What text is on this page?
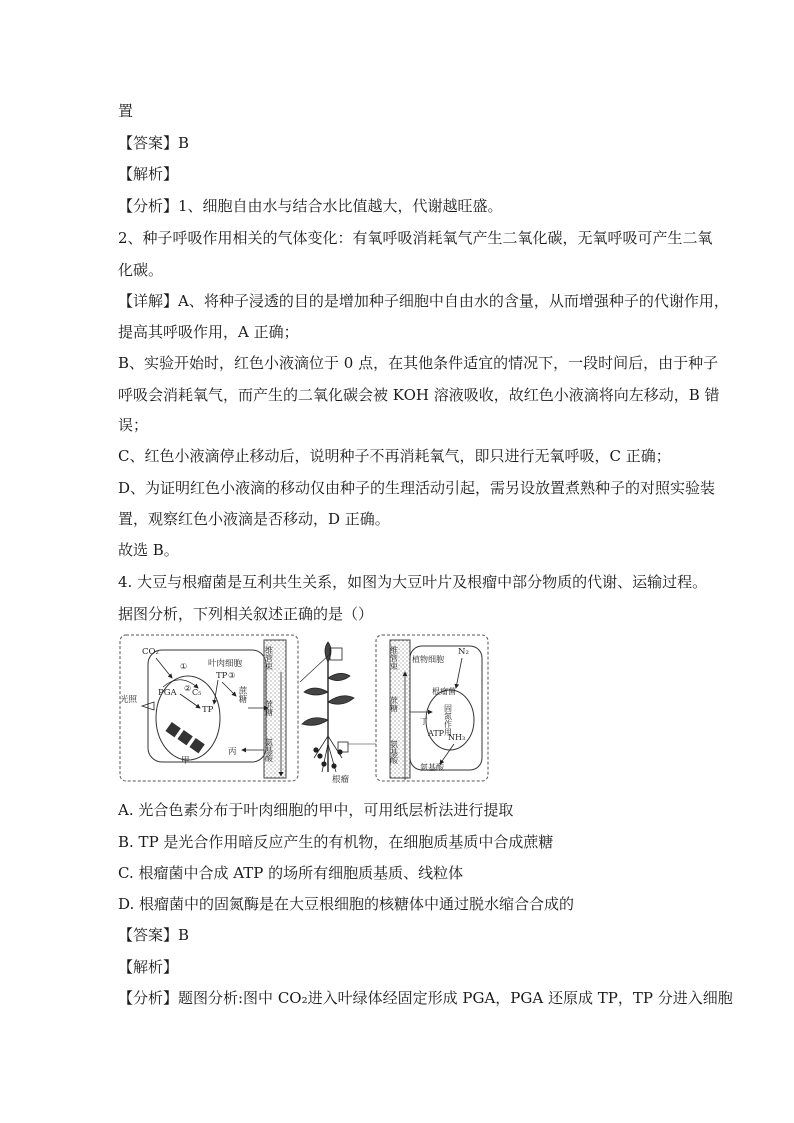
置

【答案】B

【解析】

【分析】1、细胞自由水与结合水比值越大，代谢越旺盛。

2、种子呼吸作用相关的气体变化：有氧呼吸消耗氧气产生二氧化碳，无氧呼吸可产生二氧

化碳。

【详解】A、将种子浸透的目的是增加种子细胞中自由水的含量，从而增强种子的代谢作用，

提高其呼吸作用，A 正确；

B、实验开始时，红色小液滴位于 0 点，在其他条件适宜的情况下，一段时间后，由于种子

呼吸会消耗氧气，而产生的二氧化碳会被 KOH 溶液吸收，故红色小液滴将向左移动，B 错

误；

C、红色小液滴停止移动后，说明种子不再消耗氧气，即只进行无氧呼吸，C 正确；

D、为证明红色小液滴的移动仅由种子的生理活动引起，需另设放置煮熟种子的对照实验装

置，观察红色小液滴是否移动，D 正确。

故选 B。

4. 大豆与根瘤菌是互利共生关系，如图为大豆叶片及根瘤中部分物质的代谢、运输过程。

据图分析，下列相关叙述正确的是（）

CO₂
①
C₅
②
PGA
TP
光照
甲
叶肉细胞
TP ③
蔗糖
丙
维管束
蔗糖
氨基酸
根瘤
维管束
蔗糖
氨基酸
植物细胞
N₂
根瘤菌
固氮作用
丁
ATP NH₃
氨基酸

A. 光合色素分布于叶肉细胞的甲中，可用纸层析法进行提取

B. TP 是光合作用暗反应产生的有机物，在细胞质基质中合成蔗糖

C. 根瘤菌中合成 ATP 的场所有细胞质基质、线粒体

D. 根瘤菌中的固氮酶是在大豆根细胞的核糖体中通过脱水缩合合成的

【答案】B

【解析】

【分析】题图分析:图中 CO₂进入叶绿体经固定形成 PGA，PGA 还原成 TP，TP 分进入细胞
